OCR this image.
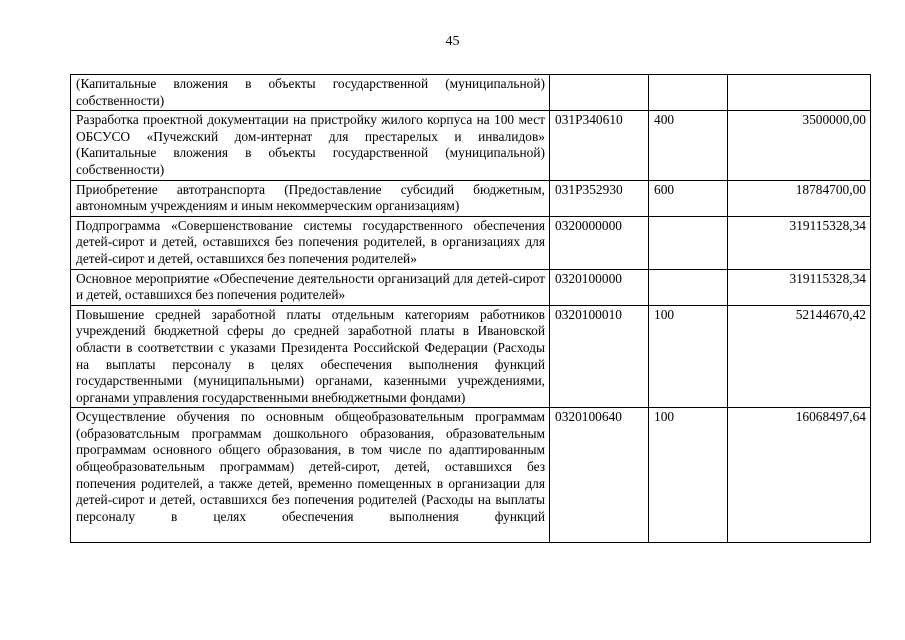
45
(Капитальные вложения в объекты государственной (муниципальной) собственности)			
Разработка проектной документации на пристройку жилого корпуса на 100 мест ОБСУСО «Пучежский дом-интернат для престарелых и инвалидов» (Капитальные вложения в объекты государственной (муниципальной) собственности)	031P340610	400	3500000,00
Приобретение автотранспорта (Предоставление субсидий бюджетным, автономным учреждениям и иным некоммерческим организациям)	031P352930	600	18784700,00
Подпрограмма «Совершенствование системы государственного обеспечения детей-сирот и детей, оставшихся без попечения родителей, в организациях для детей-сирот и детей, оставшихся без попечения родителей»	0320000000		319115328,34
Основное мероприятие «Обеспечение деятельности организаций для детей-сирот и детей, оставшихся без попечения родителей»	0320100000		319115328,34
Повышение средней заработной платы отдельным категориям работников учреждений бюджетной сферы до средней заработной платы в Ивановской области в соответствии с указами Президента Российской Федерации (Расходы на выплаты персоналу в целях обеспечения выполнения функций государственными (муниципальными) органами, казенными учреждениями, органами управления государственными внебюджетными фондами)	0320100010	100	52144670,42

Осуществление обучения по основным общеобразовательным программам (образоватсльным программам дошкольного образования, образовательным программам основного общего образования, в том числе по адаптированным общеобразовательным программам) детей-сирот, детей, оставшихся без попечения родителей, а также детей, временно помещенных в организации для детей-сирот и детей, оставшихся без попечения родителей (Расходы на выплаты персоналу в целях обеспечения выполнения функций	0320100640	100	16068497,64
